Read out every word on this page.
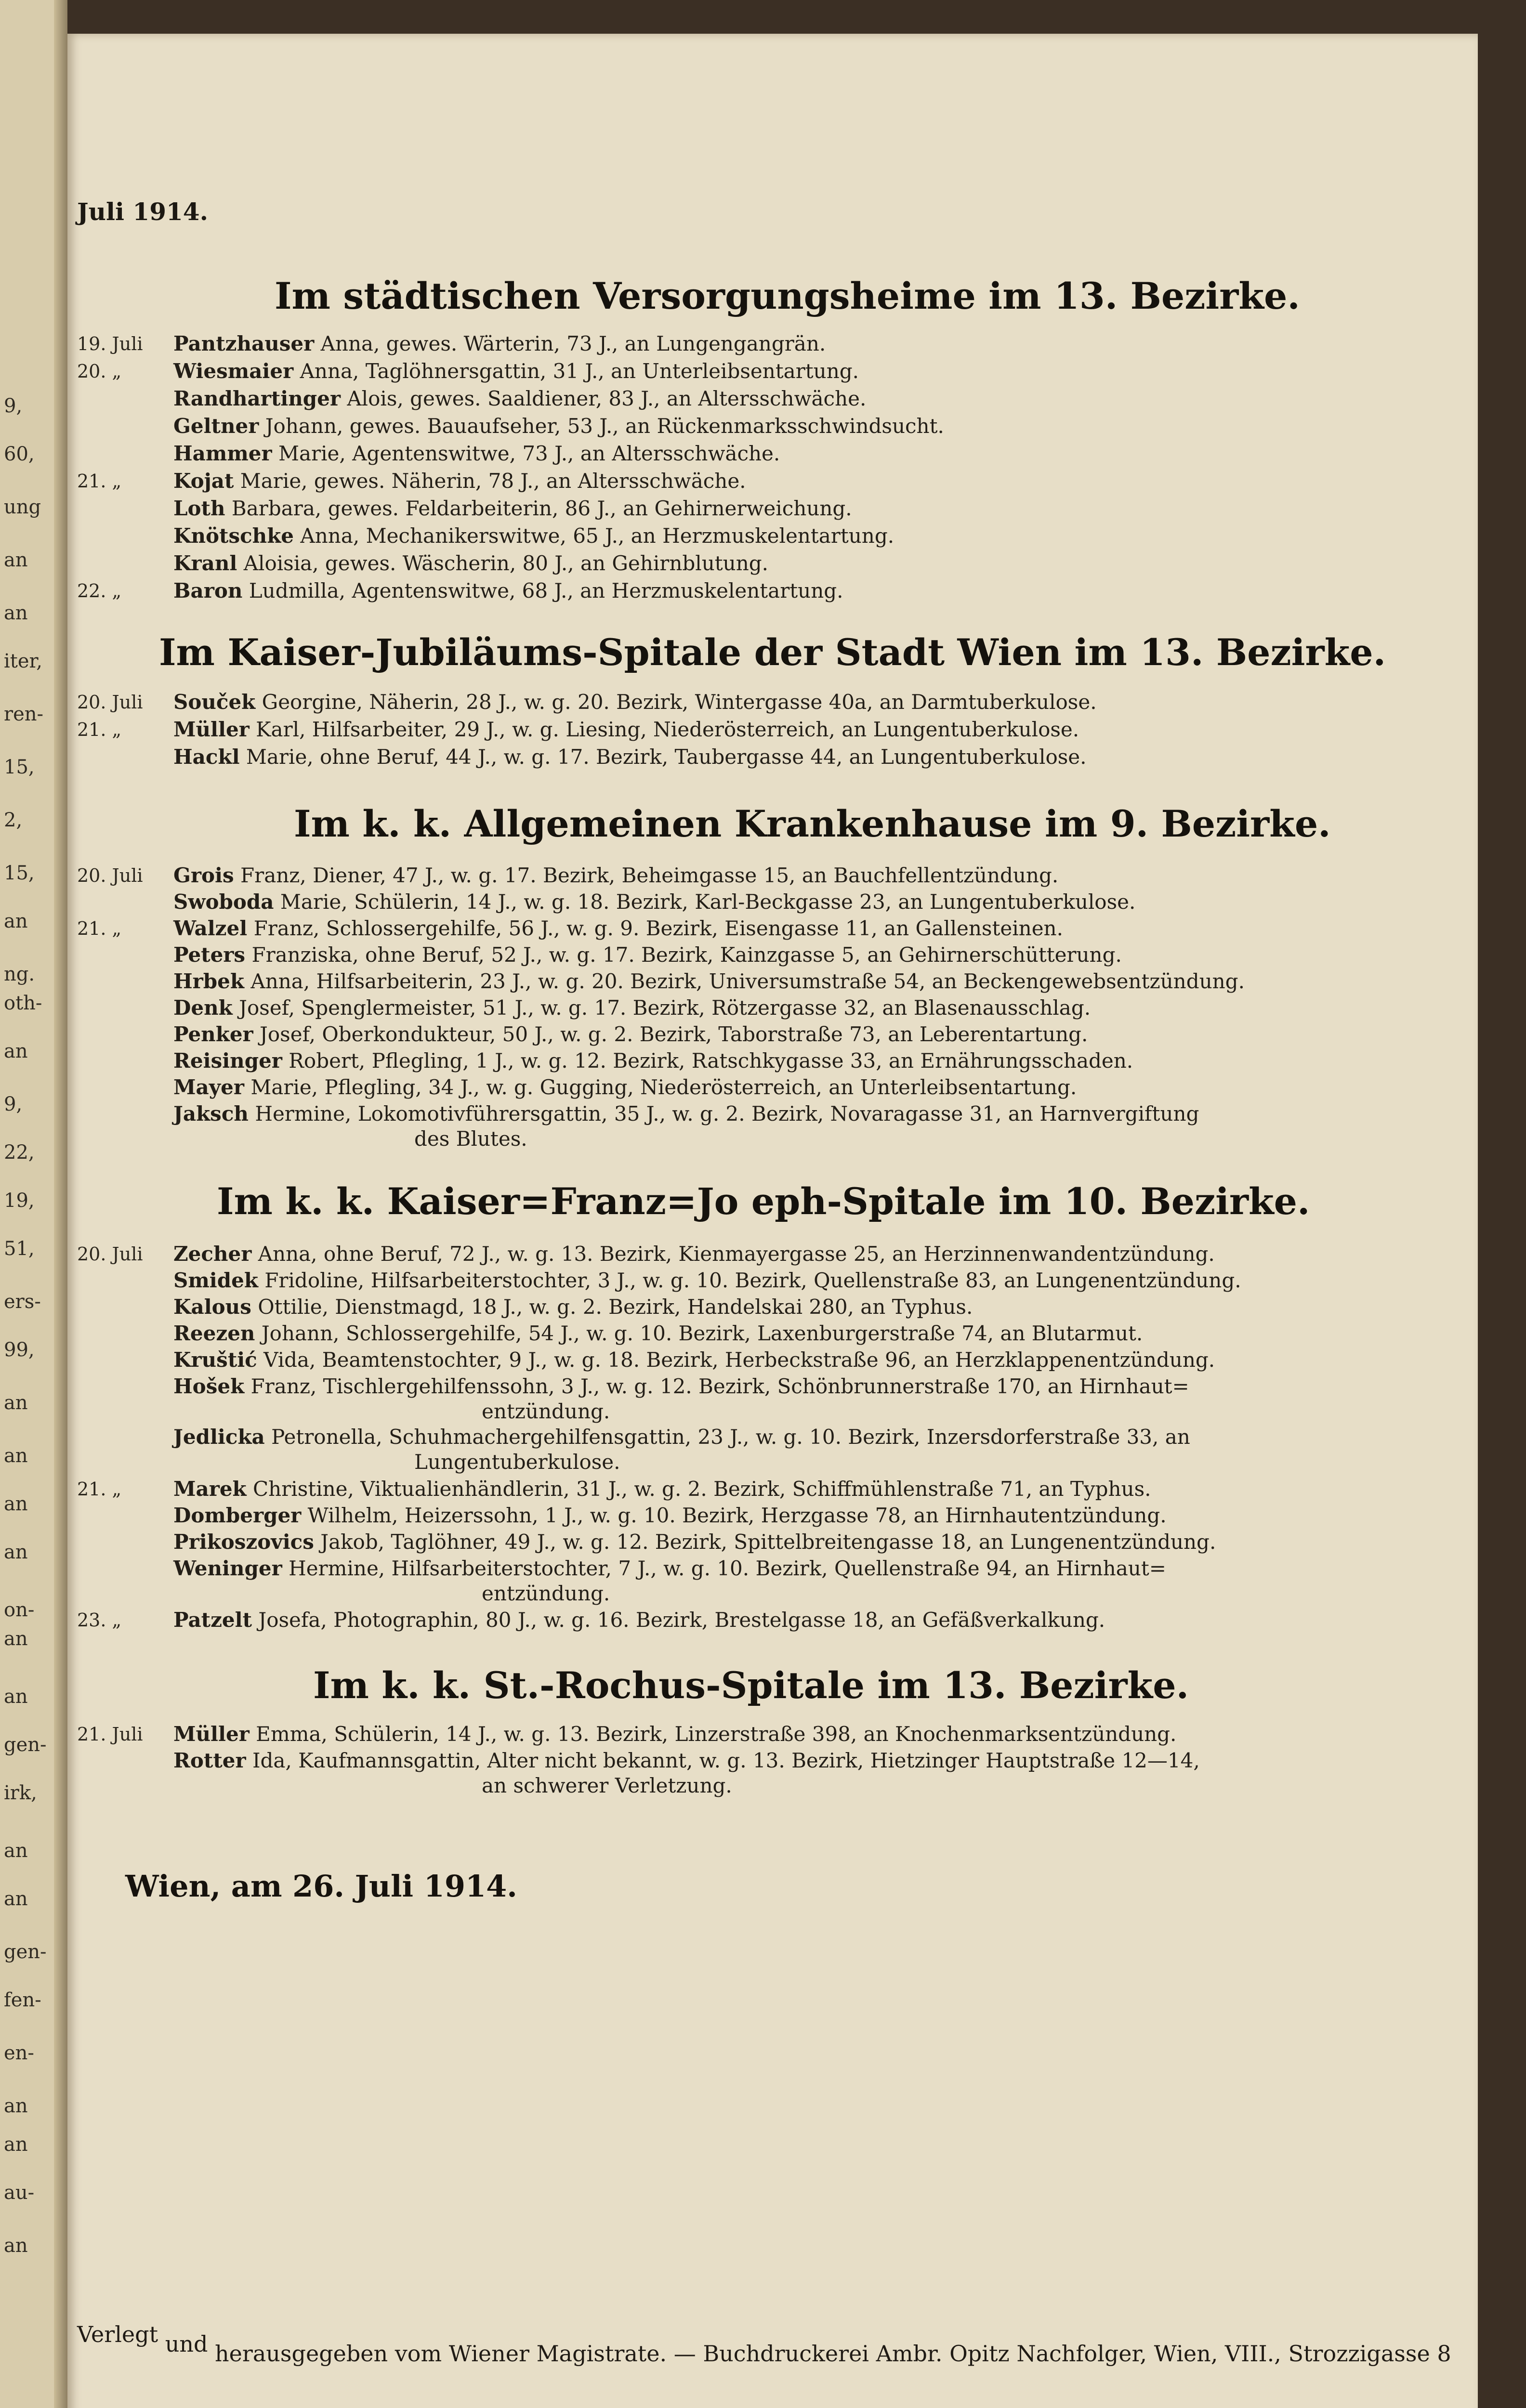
9,
60,
ung
an
an
iter,
ren-
15,
2,
15,
an
ng.
oth-
an
9,
22,
19,
51,
ers-
99,
an
an
an
an
on-
an
an
gen-
irk,
an
an
gen-
fen-
en-
an
an
au-
an
Juli 1914.
Im städtischen Versorgungsheime im 13. Bezirke.
19. Juli Pantzhauser Anna, gewes. Wärterin, 73 J., an Lungengangrän.
20. „	Wiesmaier Anna, Taglöhnersgattin, 31 J., an Unterleibsentartung.
Randhartinger Alois, gewes. Saaldiener, 83 J., an Altersschwäche.
Geltner Johann, gewes. Bauaufseher, 53 J., an Rückenmarksschwindsucht.
Hammer Marie, Agentenswitwe, 73 J., an Altersschwäche.
21. „	Kojat Marie, gewes. Näherin, 78 J., an Altersschwäche.
Loth Barbara, gewes. Feldarbeiterin, 86 J., an Gehirnerweichung.
Knötschke Anna, Mechanikerswitwe, 65 J., an Herzmuskelentartung.
Kranl Aloisia, gewes. Wäscherin, 80 J., an Gehirnblutung.
22. „	Baron Ludmilla, Agentenswitwe, 68 J., an Herzmuskelentartung.
Im Kaiser-Jubiläums-Spitale der Stadt Wien im 13. Bezirke.
20. Juli Souček Georgine, Näherin, 28 J., w. g. 20. Bezirk, Wintergasse 40a, an Darmtuberkulose.
21. „	Müller Karl, Hilfsarbeiter, 29 J., w. g. Liesing, Niederösterreich, an Lungentuberkulose.
Hackl Marie, ohne Beruf, 44 J., w. g. 17. Bezirk, Taubergasse 44, an Lungentuberkulose.
Im k. k. Allgemeinen Krankenhause im 9. Bezirke.
20. Juli Grois Franz, Diener, 47 J., w. g. 17. Bezirk, Beheimgasse 15, an Bauchfellentzündung.
Swoboda Marie, Schülerin, 14 J., w. g. 18. Bezirk, Karl-Beckgasse 23, an Lungentuberkulose.
21. „	Walzel Franz, Schlossergehilfe, 56 J., w. g. 9. Bezirk, Eisengasse 11, an Gallensteinen.
Peters Franziska, ohne Beruf, 52 J., w. g. 17. Bezirk, Kainzgasse 5, an Gehirnerschütterung.
Hrbek Anna, Hilfsarbeiterin, 23 J., w. g. 20. Bezirk, Universumstraße 54, an Beckengewebsentzündung.
Denk Josef, Spenglermeister, 51 J., w. g. 17. Bezirk, Rötzergasse 32, an Blasenausschlag.
Penker Josef, Oberkondukteur, 50 J., w. g. 2. Bezirk, Taborstraße 73, an Leberentartung.
Reisinger Robert, Pflegling, 1 J., w. g. 12. Bezirk, Ratschkygasse 33, an Ernährungsschaden.
Mayer Marie, Pflegling, 34 J., w. g. Gugging, Niederösterreich, an Unterleibsentartung.
Jaksch Hermine, Lokomotivführersgattin, 35 J., w. g. 2. Bezirk, Novaragasse 31, an Harnvergiftung
des Blutes.
Im k. k. Kaiser=Franz=Jo eph-Spitale im 10. Bezirke.
20. Juli Zecher Anna, ohne Beruf, 72 J., w. g. 13. Bezirk, Kienmayergasse 25, an Herzinnenwandentzündung.
Smidek Fridoline, Hilfsarbeiterstochter, 3 J., w. g. 10. Bezirk, Quellenstraße 83, an Lungenentzündung.
Kalous Ottilie, Dienstmagd, 18 J., w. g. 2. Bezirk, Handelskai 280, an Typhus.
Reezen Johann, Schlossergehilfe, 54 J., w. g. 10. Bezirk, Laxenburgerstraße 74, an Blutarmut.
Kruštić Vida, Beamtenstochter, 9 J., w. g. 18. Bezirk, Herbeckstraße 96, an Herzklappenentzündung.
Hošek Franz, Tischlergehilfenssohn, 3 J., w. g. 12. Bezirk, Schönbrunnerstraße 170, an Hirnhaut=
entzündung.
Jedlicka Petronella, Schuhmachergehilfensgattin, 23 J., w. g. 10. Bezirk, Inzersdorferstraße 33, an
Lungentuberkulose.
21. „	Marek Christine, Viktualienhändlerin, 31 J., w. g. 2. Bezirk, Schiffmühlenstraße 71, an Typhus.
Domberger Wilhelm, Heizerssohn, 1 J., w. g. 10. Bezirk, Herzgasse 78, an Hirnhautentzündung.
Prikoszovics Jakob, Taglöhner, 49 J., w. g. 12. Bezirk, Spittelbreitengasse 18, an Lungenentzündung.
Weninger Hermine, Hilfsarbeiterstochter, 7 J., w. g. 10. Bezirk, Quellenstraße 94, an Hirnhaut=
entzündung.
23. „	Patzelt Josefa, Photographin, 80 J., w. g. 16. Bezirk, Brestelgasse 18, an Gefäßverkalkung.
Im k. k. St.-Rochus-Spitale im 13. Bezirke.
21. Juli Müller Emma, Schülerin, 14 J., w. g. 13. Bezirk, Linzerstraße 398, an Knochenmarksentzündung.
Rotter Ida, Kaufmannsgattin, Alter nicht bekannt, w. g. 13. Bezirk, Hietzinger Hauptstraße 12—14,
an schwerer Verletzung.
Wien, am 26. Juli 1914.
Verlegt und herausgegeben vom Wiener Magistrate. — Buchdruckerei Ambr. Opitz Nachfolger, Wien, VIII., Strozzigasse 8
